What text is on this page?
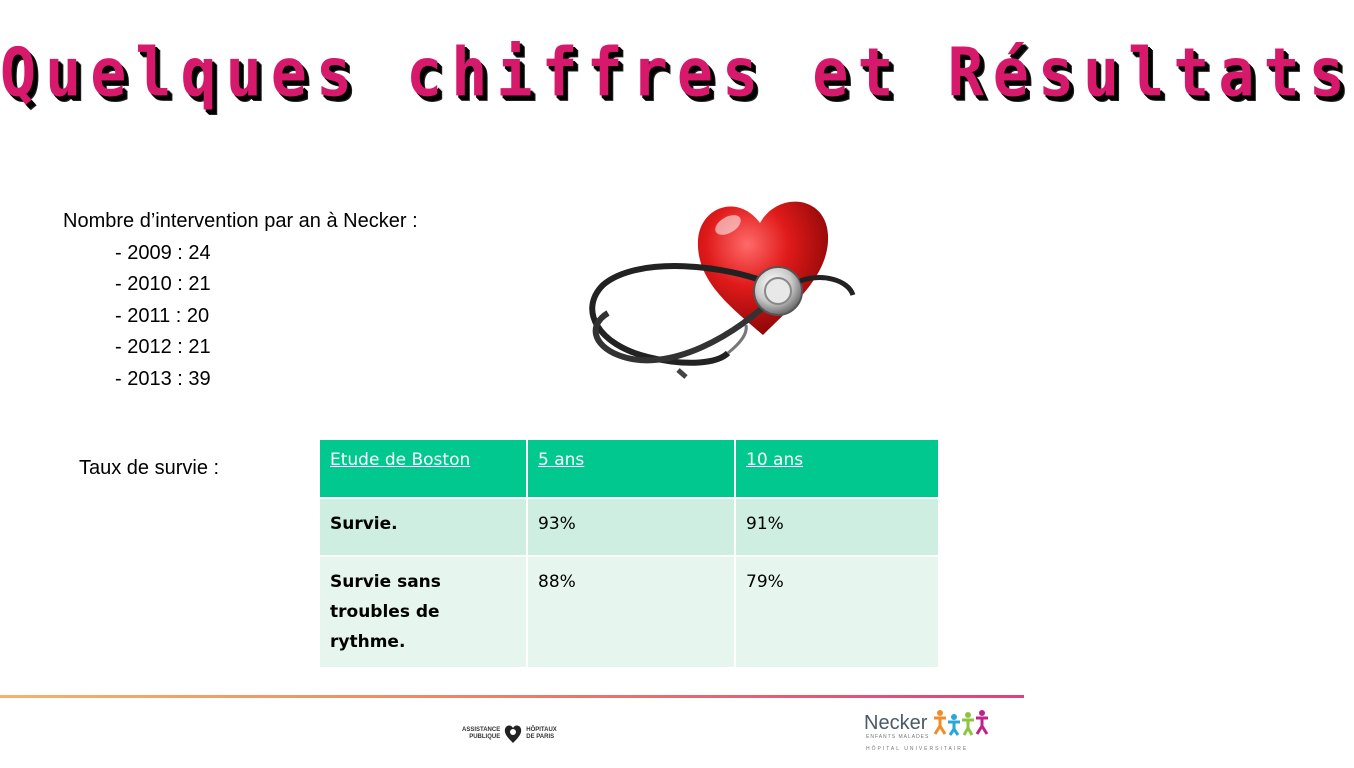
Quelques chiffres et Résultats
Nombre d’intervention par an à Necker :
- 2009 : 24
- 2010 : 21
- 2011 : 20
- 2012 : 21
- 2013 : 39
Taux de survie :	Etude de Boston	5 ans	10 ans
Survie.	93%	91%
Survie sans troubles de rythme.	88%	79%
ASSISTANCE
PUBLIQUE
HÔPITAUX
DE PARIS
Necker
ENFANTS MALADES
HÔPITAL UNIVERSITAIRE
